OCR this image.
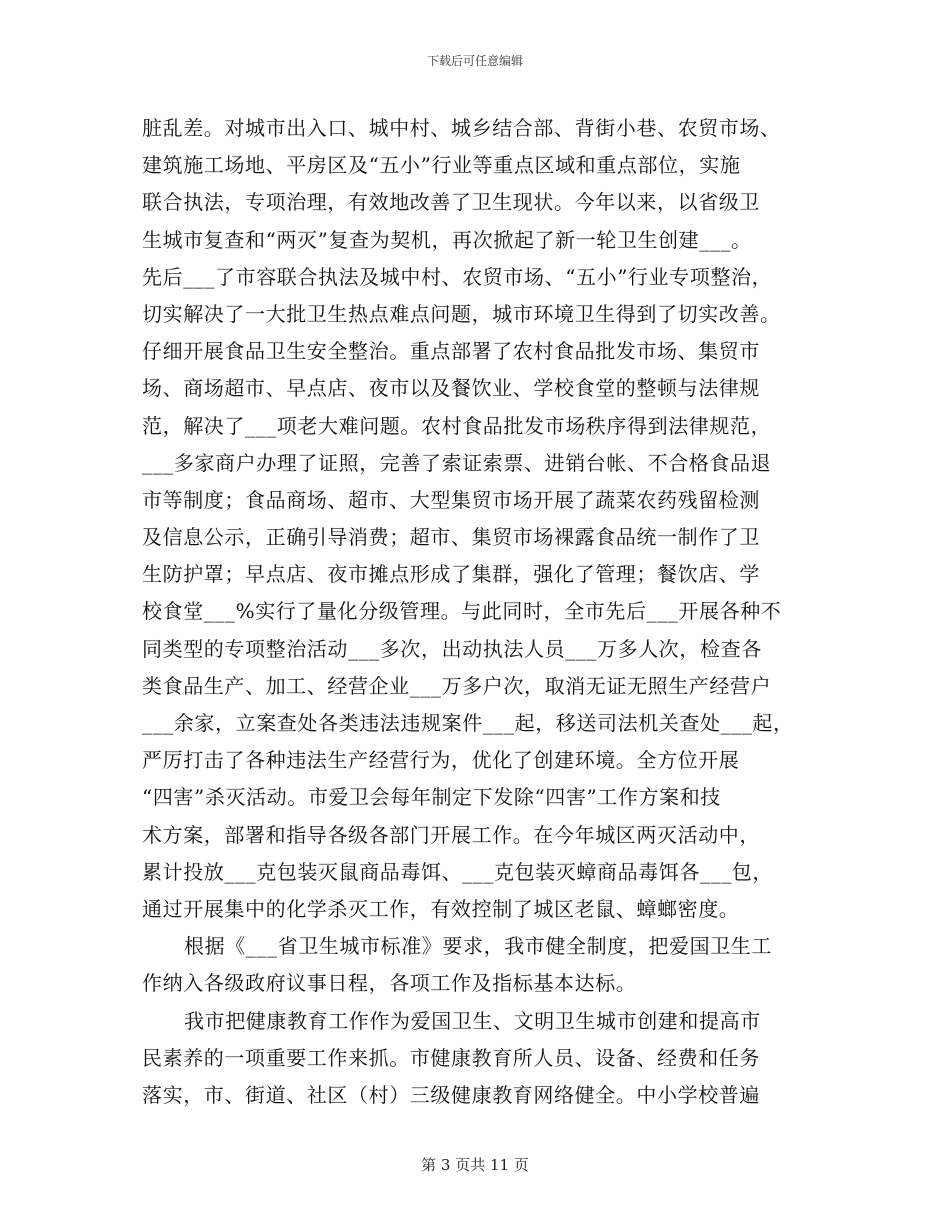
下载后可任意编辑
脏乱差。对城市出入口、城中村、城乡结合部、背街小巷、农贸市场、
建筑施工场地、平房区及“五小”行业等重点区域和重点部位，实施
联合执法，专项治理，有效地改善了卫生现状。今年以来，以省级卫
生城市复查和“两灭”复查为契机，再次掀起了新一轮卫生创建___。
先后___了市容联合执法及城中村、农贸市场、“五小”行业专项整治，
切实解决了一大批卫生热点难点问题，城市环境卫生得到了切实改善。
仔细开展食品卫生安全整治。重点部署了农村食品批发市场、集贸市
场、商场超市、早点店、夜市以及餐饮业、学校食堂的整顿与法律规
范，解决了___项老大难问题。农村食品批发市场秩序得到法律规范，
___多家商户办理了证照，完善了索证索票、进销台帐、不合格食品退
市等制度；食品商场、超市、大型集贸市场开展了蔬菜农药残留检测
及信息公示，正确引导消费；超市、集贸市场裸露食品统一制作了卫
生防护罩；早点店、夜市摊点形成了集群，强化了管理；餐饮店、学
校食堂___%实行了量化分级管理。与此同时，全市先后___开展各种不
同类型的专项整治活动___多次，出动执法人员___万多人次，检查各
类食品生产、加工、经营企业___万多户次，取消无证无照生产经营户
___余家，立案查处各类违法违规案件___起，移送司法机关查处___起，
严厉打击了各种违法生产经营行为，优化了创建环境。全方位开展
“四害”杀灭活动。市爱卫会每年制定下发除“四害”工作方案和技
术方案，部署和指导各级各部门开展工作。在今年城区两灭活动中，
累计投放___克包装灭鼠商品毒饵、___克包装灭蟑商品毒饵各___包，
通过开展集中的化学杀灭工作，有效控制了城区老鼠、蟑螂密度。
根据《___省卫生城市标准》要求，我市健全制度，把爱国卫生工
作纳入各级政府议事日程，各项工作及指标基本达标。
我市把健康教育工作作为爱国卫生、文明卫生城市创建和提高市
民素养的一项重要工作来抓。市健康教育所人员、设备、经费和任务
落实，市、街道、社区（村）三级健康教育网络健全。中小学校普遍
第 3 页共 11 页
